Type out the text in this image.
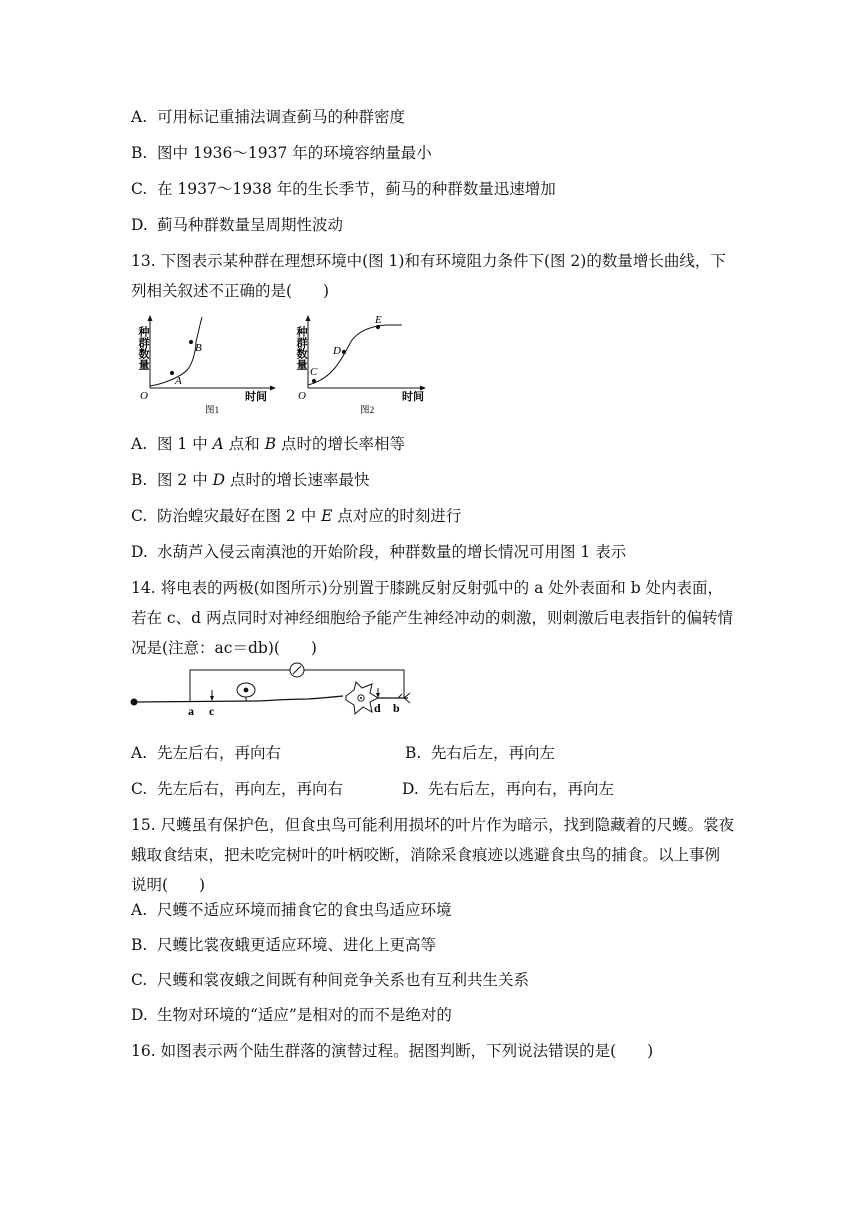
A. 可用标记重捕法调查蓟马的种群密度
B. 图中 1936～1937 年的环境容纳量最小
C. 在 1937～1938 年的生长季节，蓟马的种群数量迅速增加
D. 蓟马种群数量呈周期性波动
13. 下图表示某种群在理想环境中(图 1)和有环境阻力条件下(图 2)的数量增长曲线，下列相关叙述不正确的是(　　)
A
B
O
种群数量
时间
图1
C
D
E
O
种群数量
时间
图2
A. 图 1 中 A 点和 B 点时的增长率相等
B. 图 2 中 D 点时的增长速率最快
C. 防治蝗灾最好在图 2 中 E 点对应的时刻进行
D. 水葫芦入侵云南滇池的开始阶段，种群数量的增长情况可用图 1 表示
14. 将电表的两极(如图所示)分别置于膝跳反射反射弧中的 a 处外表面和 b 处内表面，若在 c、d 两点同时对神经细胞给予能产生神经冲动的刺激，则刺激后电表指针的偏转情况是(注意：ac＝db)(　　)
a c	d b
A. 先左后右，再向右	B. 先右后左，再向左
C. 先左后右，再向左，再向右	D. 先右后左，再向右，再向左
15. 尺蠖虽有保护色，但食虫鸟可能利用损坏的叶片作为暗示，找到隐藏着的尺蠖。裳夜蛾取食结束，把未吃完树叶的叶柄咬断，消除采食痕迹以逃避食虫鸟的捕食。以上事例说明(　　)
A. 尺蠖不适应环境而捕食它的食虫鸟适应环境
B. 尺蠖比裳夜蛾更适应环境、进化上更高等
C. 尺蠖和裳夜蛾之间既有种间竞争关系也有互利共生关系
D. 生物对环境的“适应”是相对的而不是绝对的
16. 如图表示两个陆生群落的演替过程。据图判断，下列说法错误的是(　　)
